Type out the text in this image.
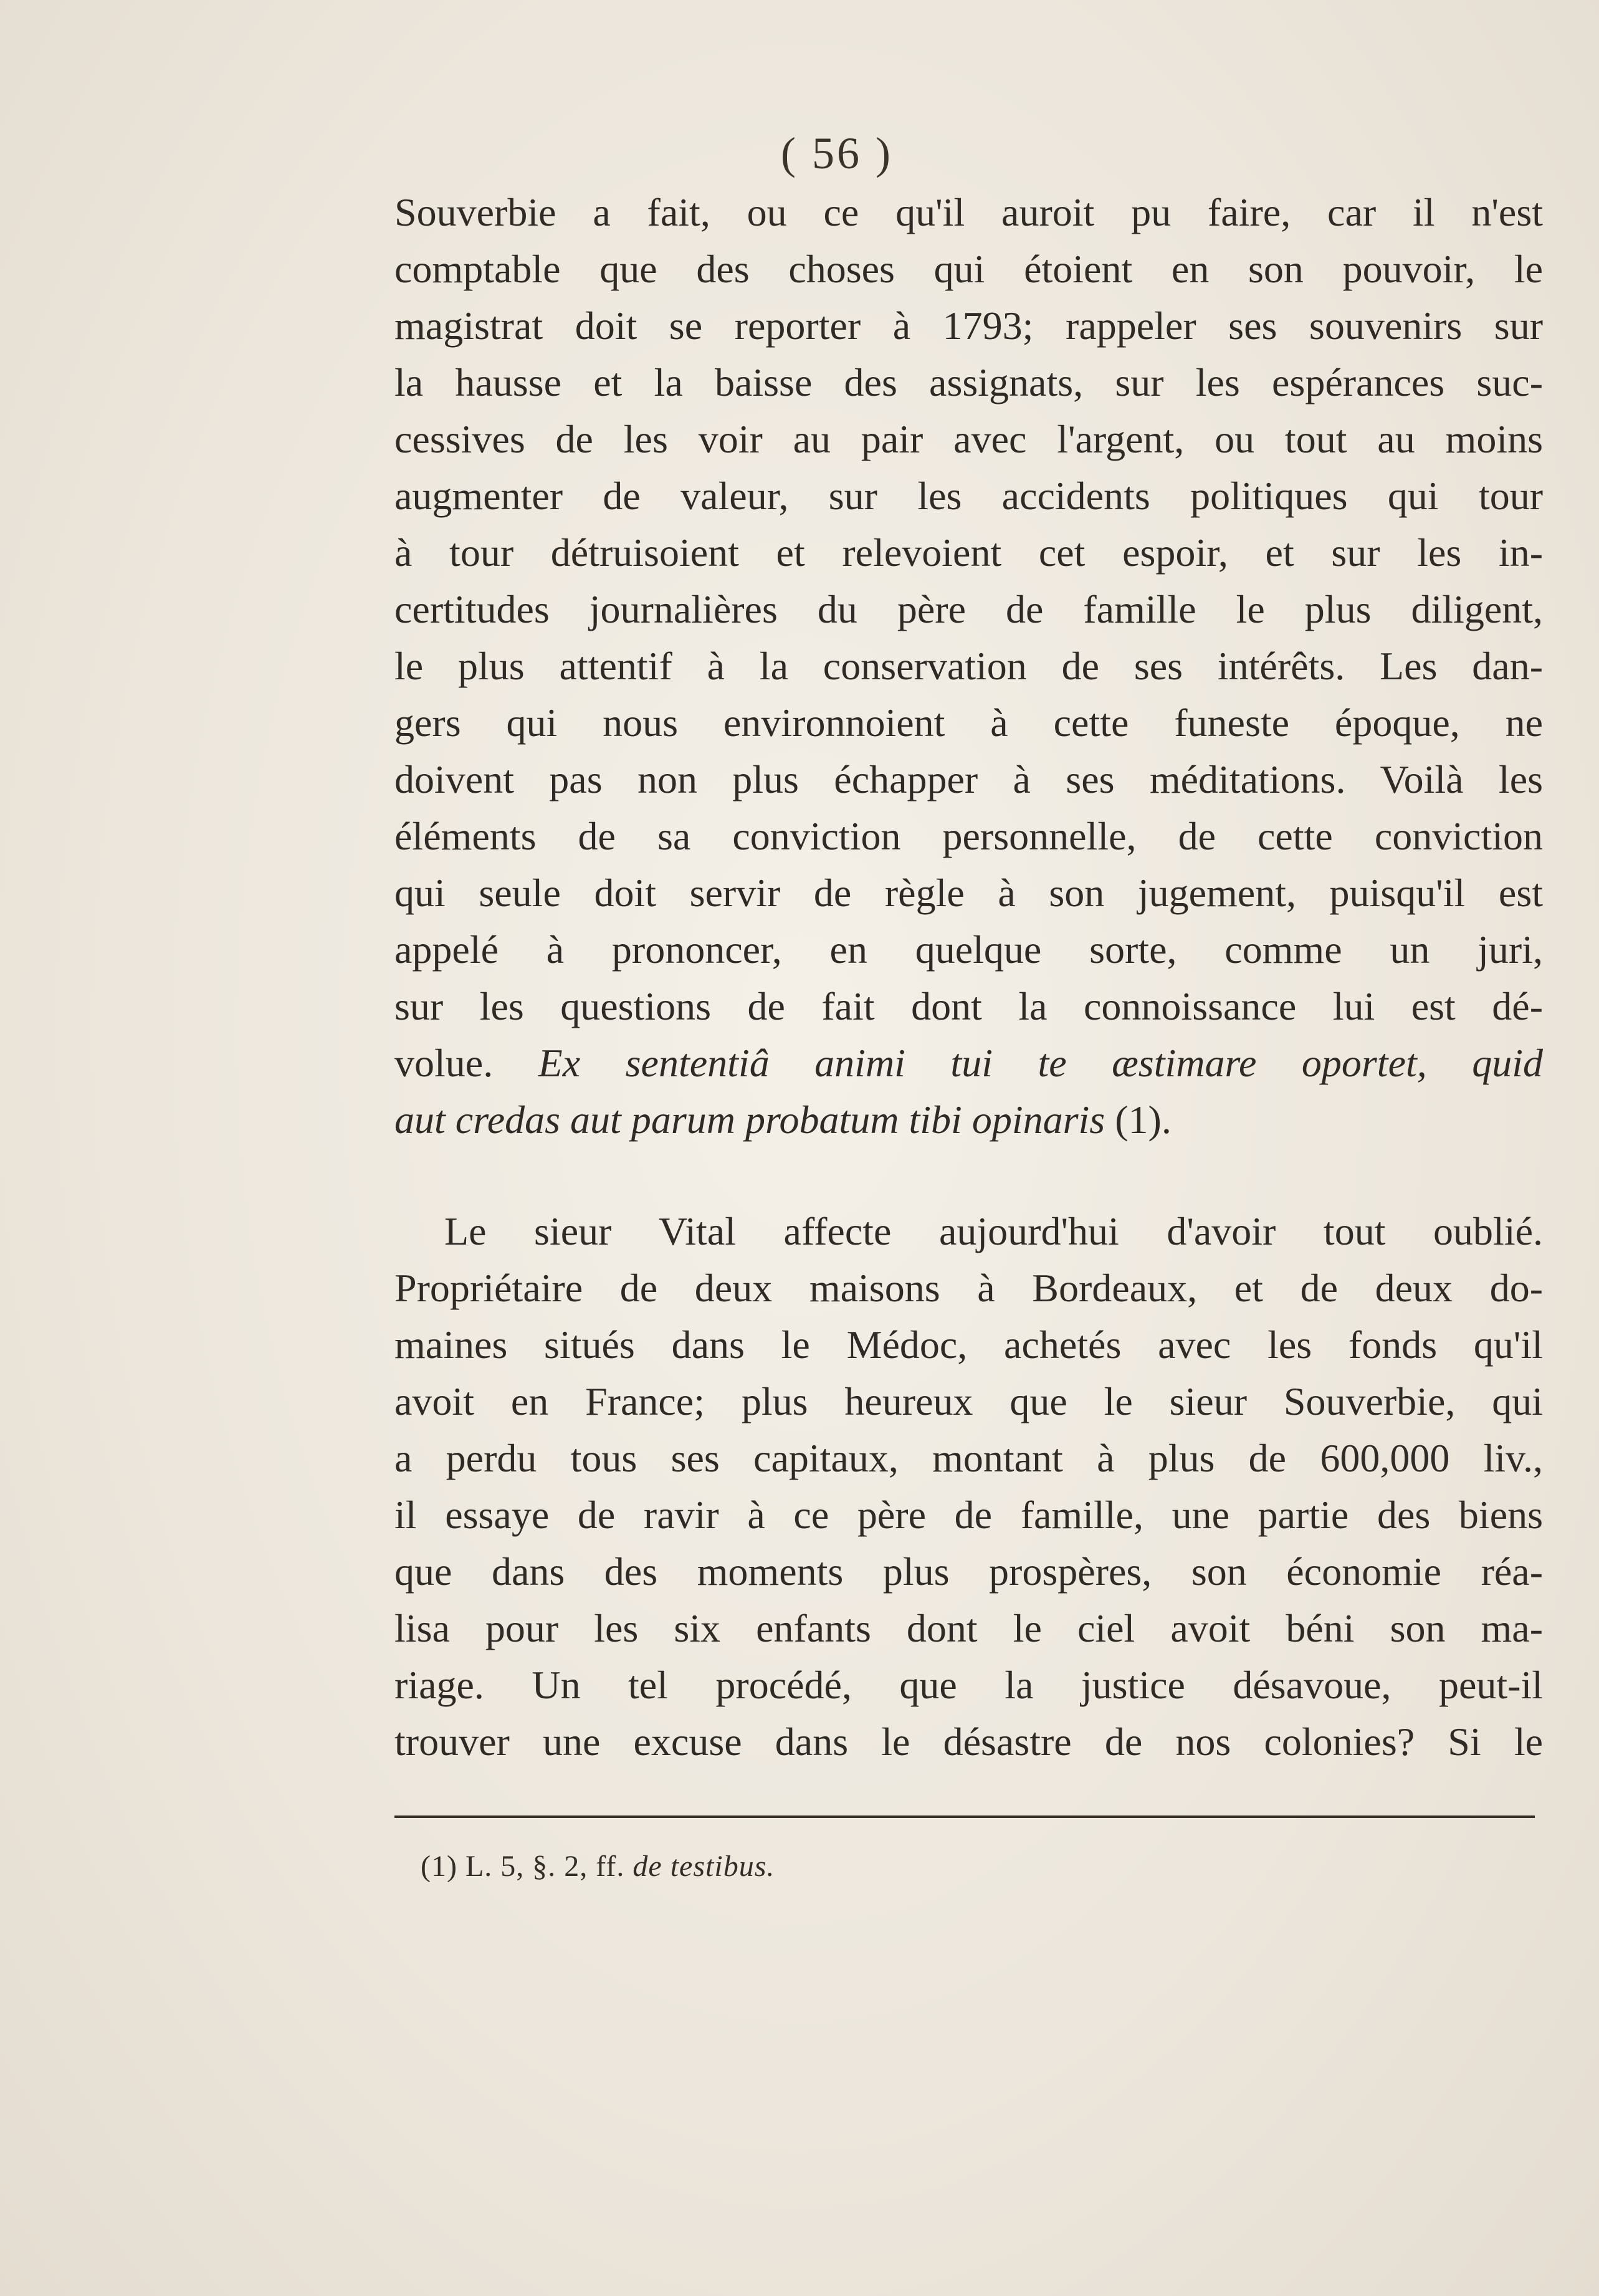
( 56 )
Souverbie a fait, ou ce qu'il auroit pu faire, car il n'est
comptable que des choses qui étoient en son pouvoir, le
magistrat doit se reporter à 1793; rappeler ses souvenirs sur
la hausse et la baisse des assignats, sur les espérances suc-
cessives de les voir au pair avec l'argent, ou tout au moins
augmenter de valeur, sur les accidents politiques qui tour
à tour détruisoient et relevoient cet espoir, et sur les in-
certitudes journalières du père de famille le plus diligent,
le plus attentif à la conservation de ses intérêts. Les dan-
gers qui nous environnoient à cette funeste époque, ne
doivent pas non plus échapper à ses méditations. Voilà les
éléments de sa conviction personnelle, de cette conviction
qui seule doit servir de règle à son jugement, puisqu'il est
appelé à prononcer, en quelque sorte, comme un juri,
sur les questions de fait dont la connoissance lui est dé-
volue. Ex sententiâ animi tui te æstimare oportet, quid
aut credas aut parum probatum tibi opinaris (1).
Le sieur Vital affecte aujourd'hui d'avoir tout oublié.
Propriétaire de deux maisons à Bordeaux, et de deux do-
maines situés dans le Médoc, achetés avec les fonds qu'il
avoit en France; plus heureux que le sieur Souverbie, qui
a perdu tous ses capitaux, montant à plus de 600,000 liv.,
il essaye de ravir à ce père de famille, une partie des biens
que dans des moments plus prospères, son économie réa-
lisa pour les six enfants dont le ciel avoit béni son ma-
riage. Un tel procédé, que la justice désavoue, peut-il
trouver une excuse dans le désastre de nos colonies? Si le
(1) L. 5, §. 2, ff. de testibus.
